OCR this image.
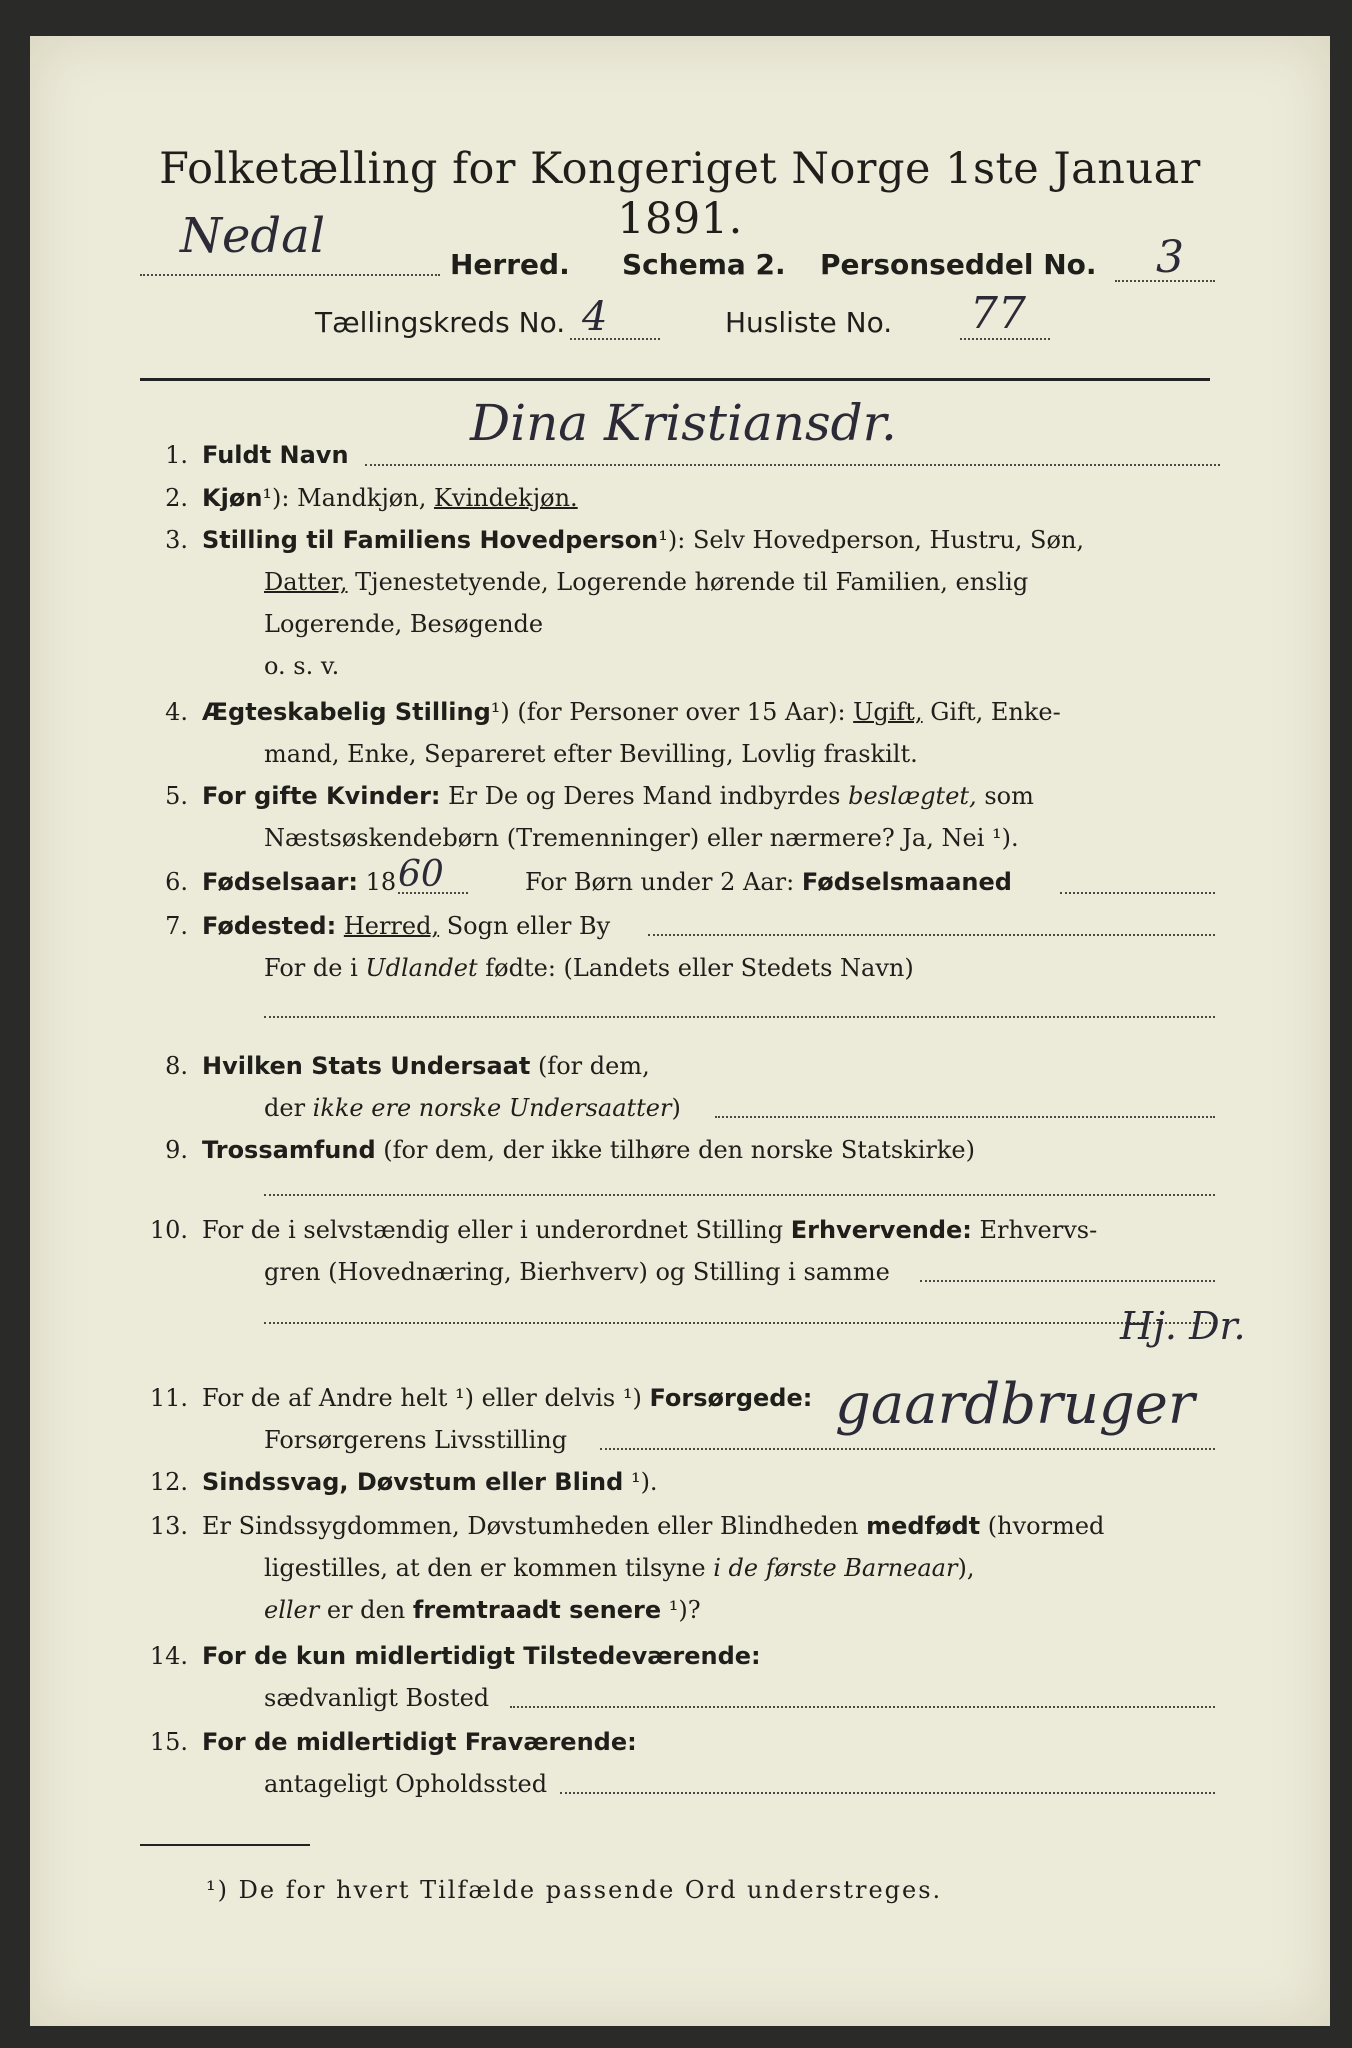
Folketælling for Kongeriget Norge 1ste Januar 1891.
Nedal
Herred. Schema 2. Personseddel No. 3
Tællingskreds No. 4	Husliste No. 77
1. Fuldt Navn
Dina Kristiansdr.
2. Kjøn¹): Mandkjøn, Kvindekjøn.
3. Stilling til Familiens Hovedperson¹): Selv Hovedperson, Hustru, Søn,
Datter, Tjenestetyende, Logerende hørende til Familien, enslig
Logerende, Besøgende
o. s. v.
4. Ægteskabelig Stilling¹) (for Personer over 15 Aar): Ugift, Gift, Enke-
mand, Enke, Separeret efter Bevilling, Lovlig fraskilt.
5. For gifte Kvinder: Er De og Deres Mand indbyrdes beslægtet, som
Næstsøskendebørn (Tremenninger) eller nærmere? Ja, Nei ¹).
6. Fødselsaar: 18 60	For Børn under 2 Aar: Fødselsmaaned
7. Fødested: Herred, Sogn eller By
For de i Udlandet fødte: (Landets eller Stedets Navn)
8. Hvilken Stats Undersaat (for dem,
der ikke ere norske Undersaatter)
9. Trossamfund (for dem, der ikke tilhøre den norske Statskirke)
10. For de i selvstændig eller i underordnet Stilling Erhvervende: Erhvervs-
gren (Hovednæring, Bierhverv) og Stilling i samme
Hj. Dr.
11. For de af Andre helt ¹) eller delvis ¹) Forsørgede:
Forsørgerens Livsstilling
gaardbruger
12. Sindssvag, Døvstum eller Blind ¹).
13. Er Sindssygdommen, Døvstumheden eller Blindheden medfødt (hvormed
ligestilles, at den er kommen tilsyne i de første Barneaar),
eller er den fremtraadt senere ¹)?
14. For de kun midlertidigt Tilstedeværende:
sædvanligt Bosted
15. For de midlertidigt Fraværende:
antageligt Opholdssted
¹) De for hvert Tilfælde passende Ord understreges.
